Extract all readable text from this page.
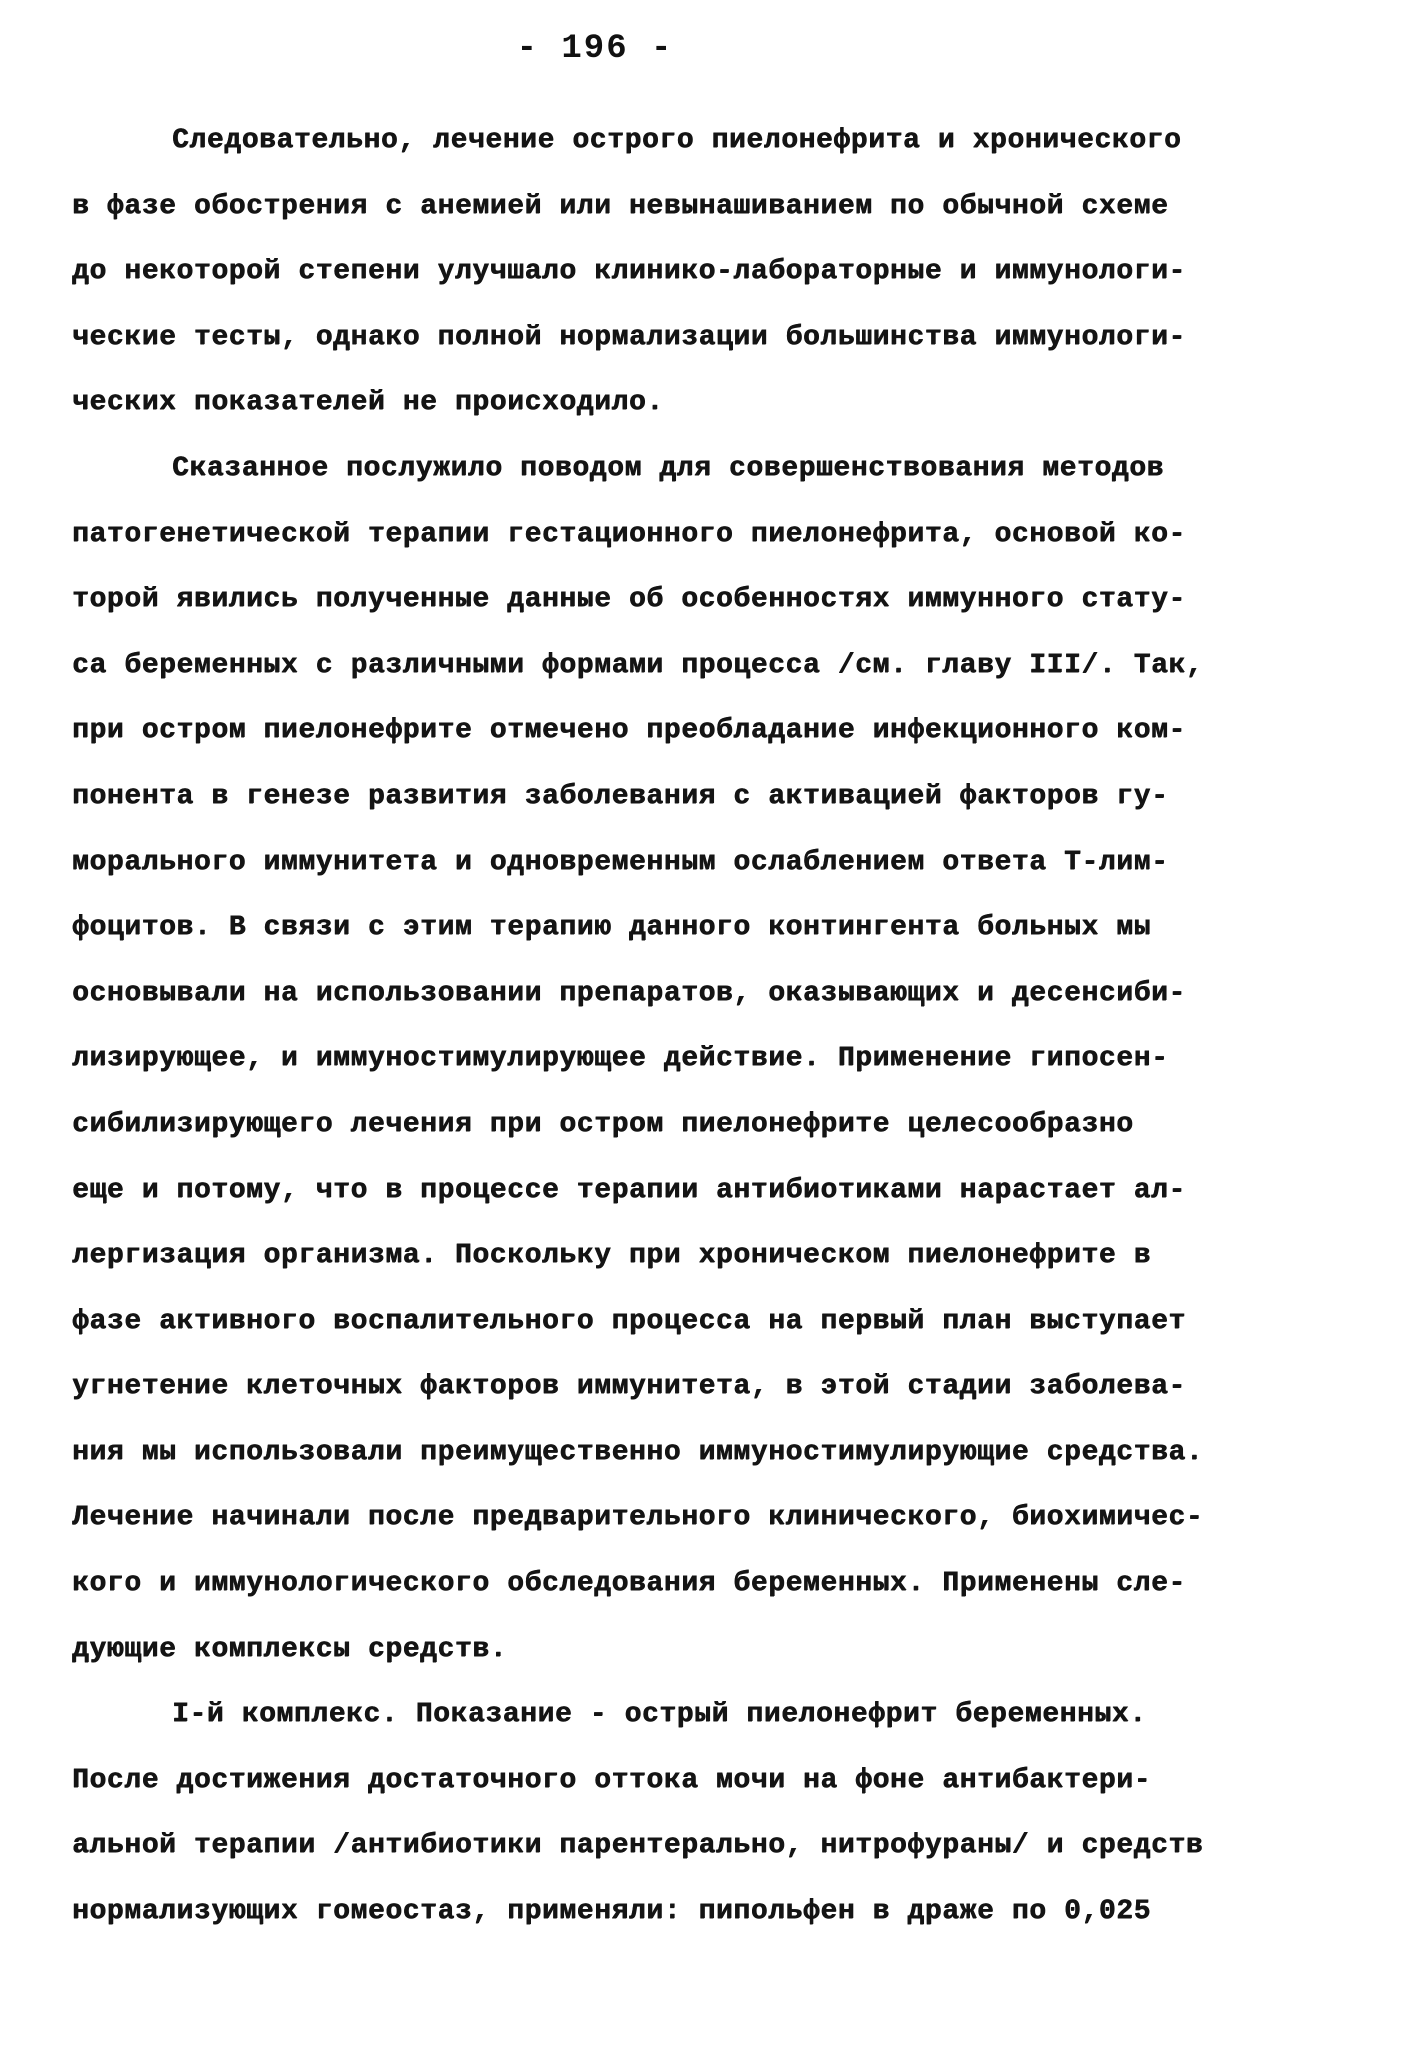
- 196 -
Следовательно, лечение острого пиелонефрита и хронического
в фазе обострения с анемией или невынашиванием по обычной схеме
до некоторой степени улучшало клинико-лабораторные и иммунологи-
ческие тесты, однако полной нормализации большинства иммунологи-
ческих показателей не происходило.
Сказанное послужило поводом для совершенствования методов
патогенетической терапии гестационного пиелонефрита, основой ко-
торой явились полученные данные об особенностях иммунного стату-
са беременных с различными формами процесса /см. главу III/. Так,
при остром пиелонефрите отмечено преобладание инфекционного ком-
понента в генезе развития заболевания с активацией факторов гу-
морального иммунитета и одновременным ослаблением ответа Т-лим-
фоцитов. В связи с этим терапию данного контингента больных мы
основывали на использовании препаратов, оказывающих и десенсиби-
лизирующее, и иммуностимулирующее действие. Применение гипосен-
сибилизирующего лечения при остром пиелонефрите целесообразно
еще и потому, что в процессе терапии антибиотиками нарастает ал-
лергизация организма. Поскольку при хроническом пиелонефрите в
фазе активного воспалительного процесса на первый план выступает
угнетение клеточных факторов иммунитета, в этой стадии заболева-
ния мы использовали преимущественно иммуностимулирующие средства.
Лечение начинали после предварительного клинического, биохимичес-
кого и иммунологического обследования беременных. Применены сле-
дующие комплексы средств.
I-й комплекс. Показание - острый пиелонефрит беременных.
После достижения достаточного оттока мочи на фоне антибактери-
альной терапии /антибиотики парентерально, нитрофураны/ и средств
нормализующих гомеостаз, применяли: пипольфен в драже по 0,025
